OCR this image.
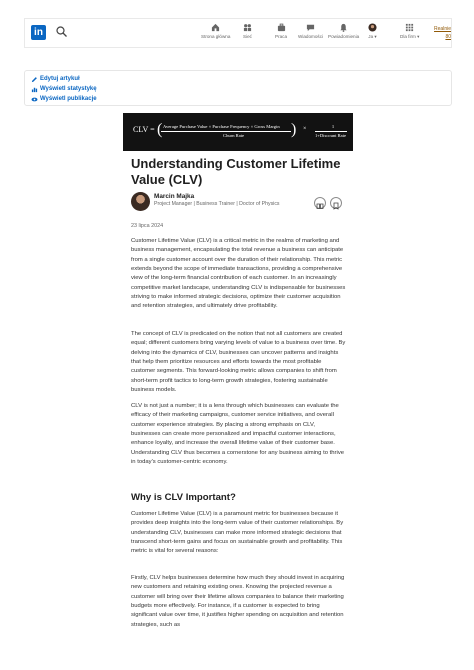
in	Strona główna	Sieć	Praca Wiadomości Powiadomienia Ja ▾	Dla firm ▾
Realnie
80
Edytuj artykuł
Wyświetl statystykę
Wyświetl publikacje
CLV = ( Average Purchase Value × Purchase Frequency × Gross Margin
Churn Rate	) ×	1
1+Discount Rate
Understanding Customer Lifetime Value (CLV)
Marcin Majka
Project Manager | Business Trainer | Doctor of Physics
23 lipca 2024

Customer Lifetime Value (CLV) is a critical metric in the realms of marketing and business management, encapsulating the total revenue a business can anticipate from a single customer account over the duration of their relationship. This metric extends beyond the scope of immediate transactions, providing a comprehensive view of the long-term financial contribution of each customer. In an increasingly competitive market landscape, understanding CLV is indispensable for businesses striving to make informed strategic decisions, optimize their customer acquisition and retention strategies, and ultimately drive profitability.

The concept of CLV is predicated on the notion that not all customers are created equal; different customers bring varying levels of value to a business over time. By delving into the dynamics of CLV, businesses can uncover patterns and insights that help them prioritize resources and efforts towards the most profitable customer segments. This forward-looking metric allows companies to shift from short-term profit tactics to long-term growth strategies, fostering sustainable business models.

CLV is not just a number; it is a lens through which businesses can evaluate the efficacy of their marketing campaigns, customer service initiatives, and overall customer experience strategies. By placing a strong emphasis on CLV, businesses can create more personalized and impactful customer interactions, enhance loyalty, and increase the overall lifetime value of their customer base. Understanding CLV thus becomes a cornerstone for any business aiming to thrive in today's customer-centric economy.

Why is CLV Important?

Customer Lifetime Value (CLV) is a paramount metric for businesses because it provides deep insights into the long-term value of their customer relationships. By understanding CLV, businesses can make more informed strategic decisions that transcend short-term gains and focus on sustainable growth and profitability. This metric is vital for several reasons:

Firstly, CLV helps businesses determine how much they should invest in acquiring new customers and retaining existing ones. Knowing the projected revenue a customer will bring over their lifetime allows companies to balance their marketing budgets more effectively. For instance, if a customer is expected to bring significant value over time, it justifies higher spending on acquisition and retention strategies, such as
